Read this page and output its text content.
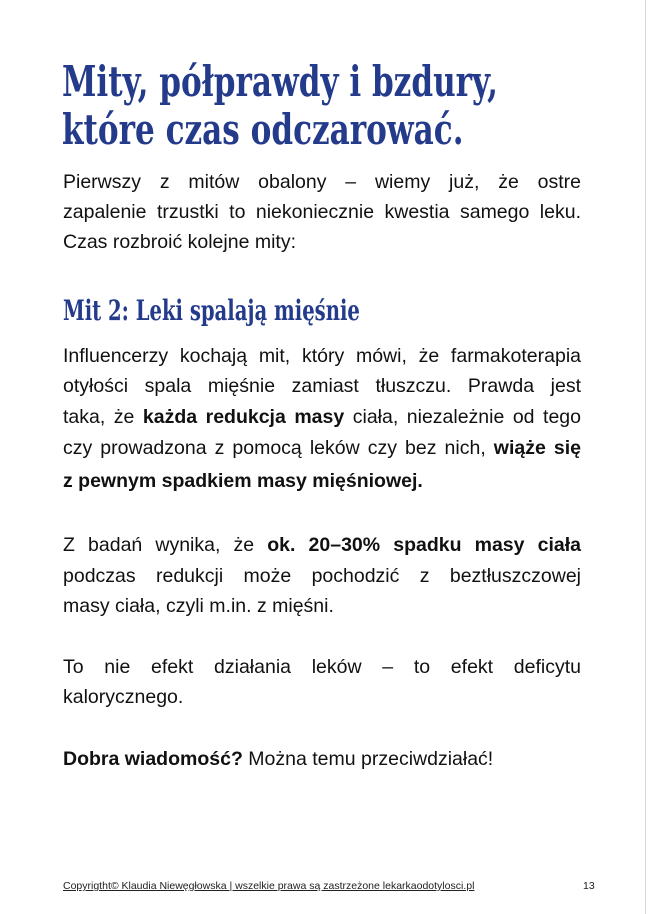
Mity, półprawdy i bzdury,
które czas odczarować.
Pierwszy z mitów obalony – wiemy już, że ostre
zapalenie trzustki to niekoniecznie kwestia samego leku.
Czas rozbroić kolejne mity:
Mit 2: Leki spalają mięśnie
Influencerzy kochają mit, który mówi, że farmakoterapia
otyłości spala mięśnie zamiast tłuszczu. Prawda jest
taka, że każda redukcja masy ciała, niezależnie od tego
czy prowadzona z pomocą leków czy bez nich, wiąże się
z pewnym spadkiem masy mięśniowej.
Z badań wynika, że ok. 20–30% spadku masy ciała
podczas redukcji może pochodzić z beztłuszczowej
masy ciała, czyli m.in. z mięśni.
To nie efekt działania leków – to efekt deficytu
kalorycznego.
Dobra wiadomość? Można temu przeciwdziałać!
Copyrigtht© Klaudia Niewęgłowska | wszelkie prawa są zastrzeżone lekarkaodotylosci.pl	13
